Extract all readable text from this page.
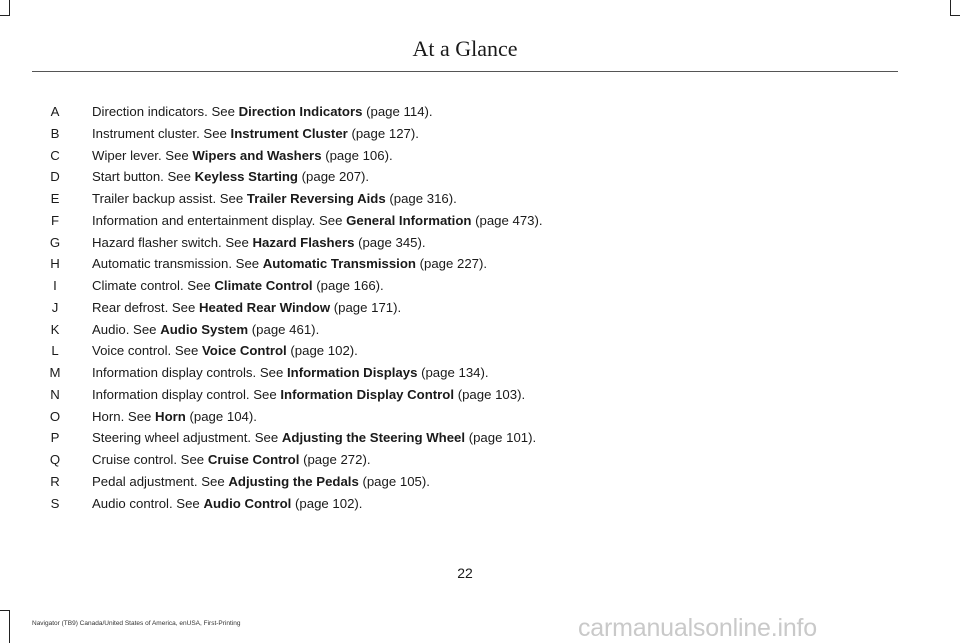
At a Glance
A	Direction indicators. See Direction Indicators (page 114).
B	Instrument cluster. See Instrument Cluster (page 127).
C	Wiper lever. See Wipers and Washers (page 106).
D	Start button. See Keyless Starting (page 207).
E	Trailer backup assist. See Trailer Reversing Aids (page 316).
F	Information and entertainment display. See General Information (page 473).
G	Hazard flasher switch. See Hazard Flashers (page 345).
H	Automatic transmission. See Automatic Transmission (page 227).
I	Climate control. See Climate Control (page 166).
J	Rear defrost. See Heated Rear Window (page 171).
K	Audio. See Audio System (page 461).
L	Voice control. See Voice Control (page 102).
M	Information display controls. See Information Displays (page 134).
N	Information display control. See Information Display Control (page 103).
O	Horn. See Horn (page 104).
P	Steering wheel adjustment. See Adjusting the Steering Wheel (page 101).
Q	Cruise control. See Cruise Control (page 272).
R	Pedal adjustment. See Adjusting the Pedals (page 105).
S	Audio control. See Audio Control (page 102).
22
Navigator (TB9) Canada/United States of America, enUSA, First-Printing	carmanualsonline.info
